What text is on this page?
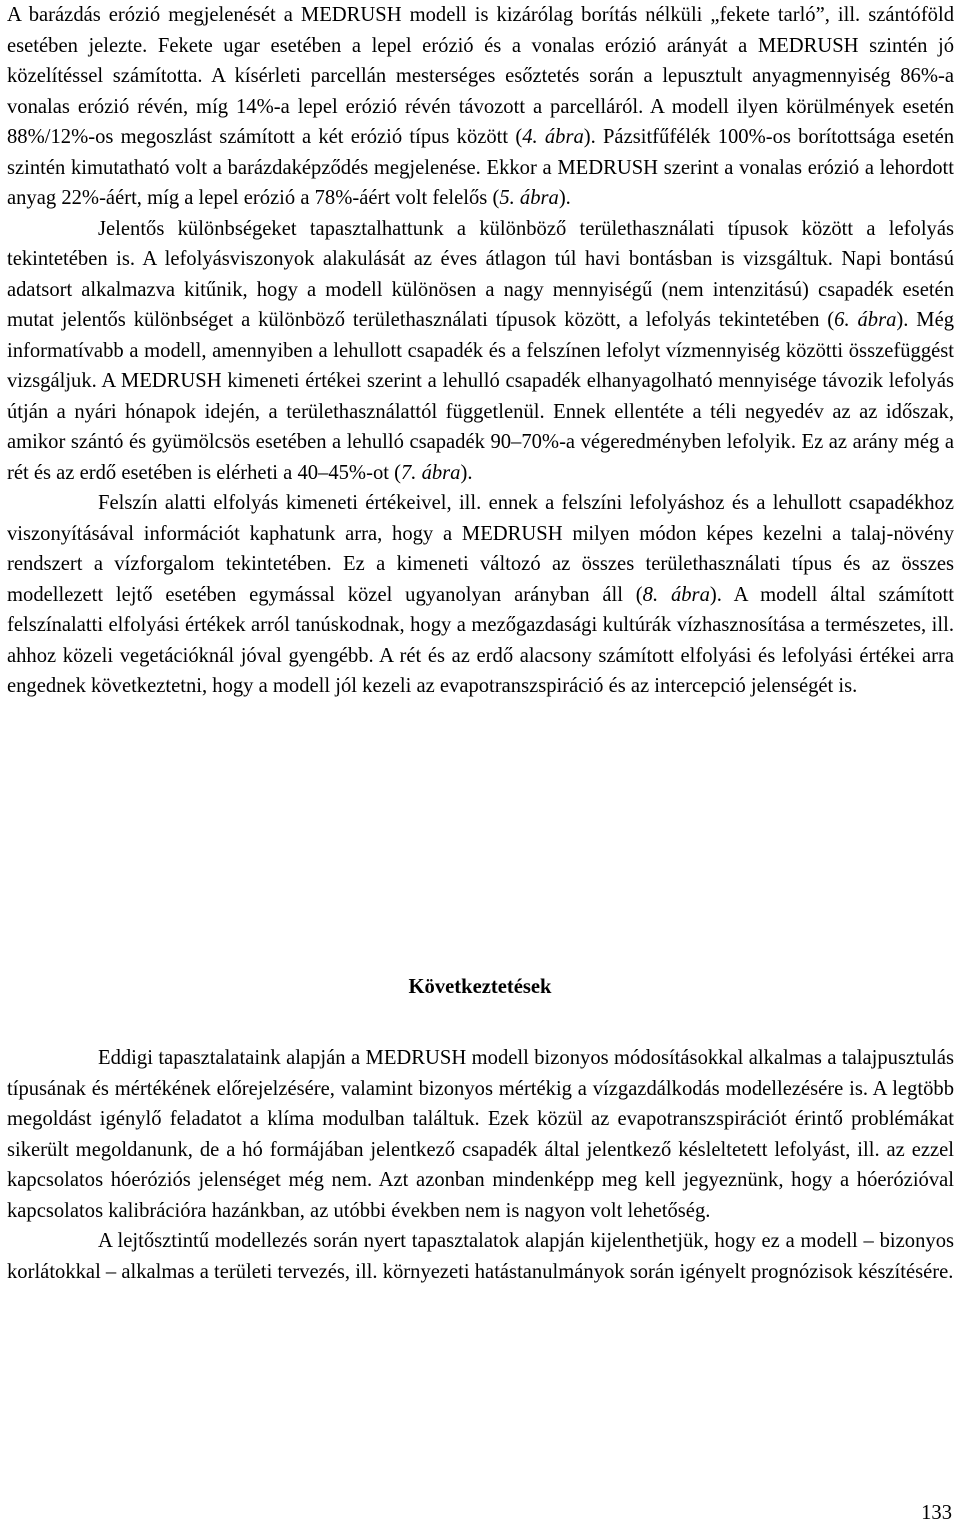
A barázdás erózió megjelenését a MEDRUSH modell is kizárólag borítás nélküli „fekete tarló”, ill. szántóföld esetében jelezte. Fekete ugar esetében a lepel erózió és a vonalas erózió arányát a MEDRUSH szintén jó közelítéssel számította. A kísérleti parcellán mesterséges esőztetés során a lepusztult anyagmennyiség 86%-a vonalas erózió révén, míg 14%-a lepel erózió révén távozott a parcelláról. A modell ilyen körülmények esetén 88%/12%-os megoszlást számított a két erózió típus között (4. ábra). Pázsitfűfélék 100%-os borítottsága esetén szintén kimutatható volt a barázdaképződés megjelenése. Ekkor a MEDRUSH szerint a vonalas erózió a lehordott anyag 22%-áért, míg a lepel erózió a 78%-áért volt felelős (5. ábra).

Jelentős különbségeket tapasztalhattunk a különböző területhasználati típusok között a lefolyás tekintetében is. A lefolyásviszonyok alakulását az éves átlagon túl havi bontásban is vizsgáltuk. Napi bontású adatsort alkalmazva kitűnik, hogy a modell különösen a nagy mennyiségű (nem intenzitású) csapadék esetén mutat jelentős különbséget a különböző területhasználati típusok között, a lefolyás tekintetében (6. ábra). Még informatívabb a modell, amennyiben a lehullott csapadék és a felszínen lefolyt vízmennyiség közötti összefüggést vizsgáljuk. A MEDRUSH kimeneti értékei szerint a lehulló csapadék elhanyagolható mennyisége távozik lefolyás útján a nyári hónapok idején, a területhasználattól függetlenül. Ennek ellentéte a téli negyedév az az időszak, amikor szántó és gyümölcsös esetében a lehulló csapadék 90–70%-a végeredményben lefolyik. Ez az arány még a rét és az erdő esetében is elérheti a 40–45%-ot (7. ábra).

Felszín alatti elfolyás kimeneti értékeivel, ill. ennek a felszíni lefolyáshoz és a lehullott csapadékhoz viszonyításával információt kaphatunk arra, hogy a MEDRUSH milyen módon képes kezelni a talaj-növény rendszert a vízforgalom tekintetében. Ez a kimeneti változó az összes területhasználati típus és az összes modellezett lejtő esetében egymással közel ugyanolyan arányban áll (8. ábra). A modell által számított felszínalatti elfolyási értékek arról tanúskodnak, hogy a mezőgazdasági kultúrák vízhasznosítása a természetes, ill. ahhoz közeli vegetációknál jóval gyengébb. A rét és az erdő alacsony számított elfolyási és lefolyási értékei arra engednek következtetni, hogy a modell jól kezeli az evapotranszspiráció és az intercepció jelenségét is.

Következtetések

Eddigi tapasztalataink alapján a MEDRUSH modell bizonyos módosításokkal alkalmas a talajpusztulás típusának és mértékének előrejelzésére, valamint bizonyos mértékig a vízgazdálkodás modellezésére is. A legtöbb megoldást igénylő feladatot a klíma modulban találtuk. Ezek közül az evapotranszspirációt érintő problémákat sikerült megoldanunk, de a hó formájában jelentkező csapadék által jelentkező késleltetett lefolyást, ill. az ezzel kapcsolatos hóeróziós jelenséget még nem. Azt azonban mindenképp meg kell jegyeznünk, hogy a hóerózióval kapcsolatos kalibrációra hazánkban, az utóbbi években nem is nagyon volt lehetőség.

A lejtősztintű modellezés során nyert tapasztalatok alapján kijelenthetjük, hogy ez a modell – bizonyos korlátokkal – alkalmas a területi tervezés, ill. környezeti hatástanulmányok során igényelt prognózisok készítésére.

133
